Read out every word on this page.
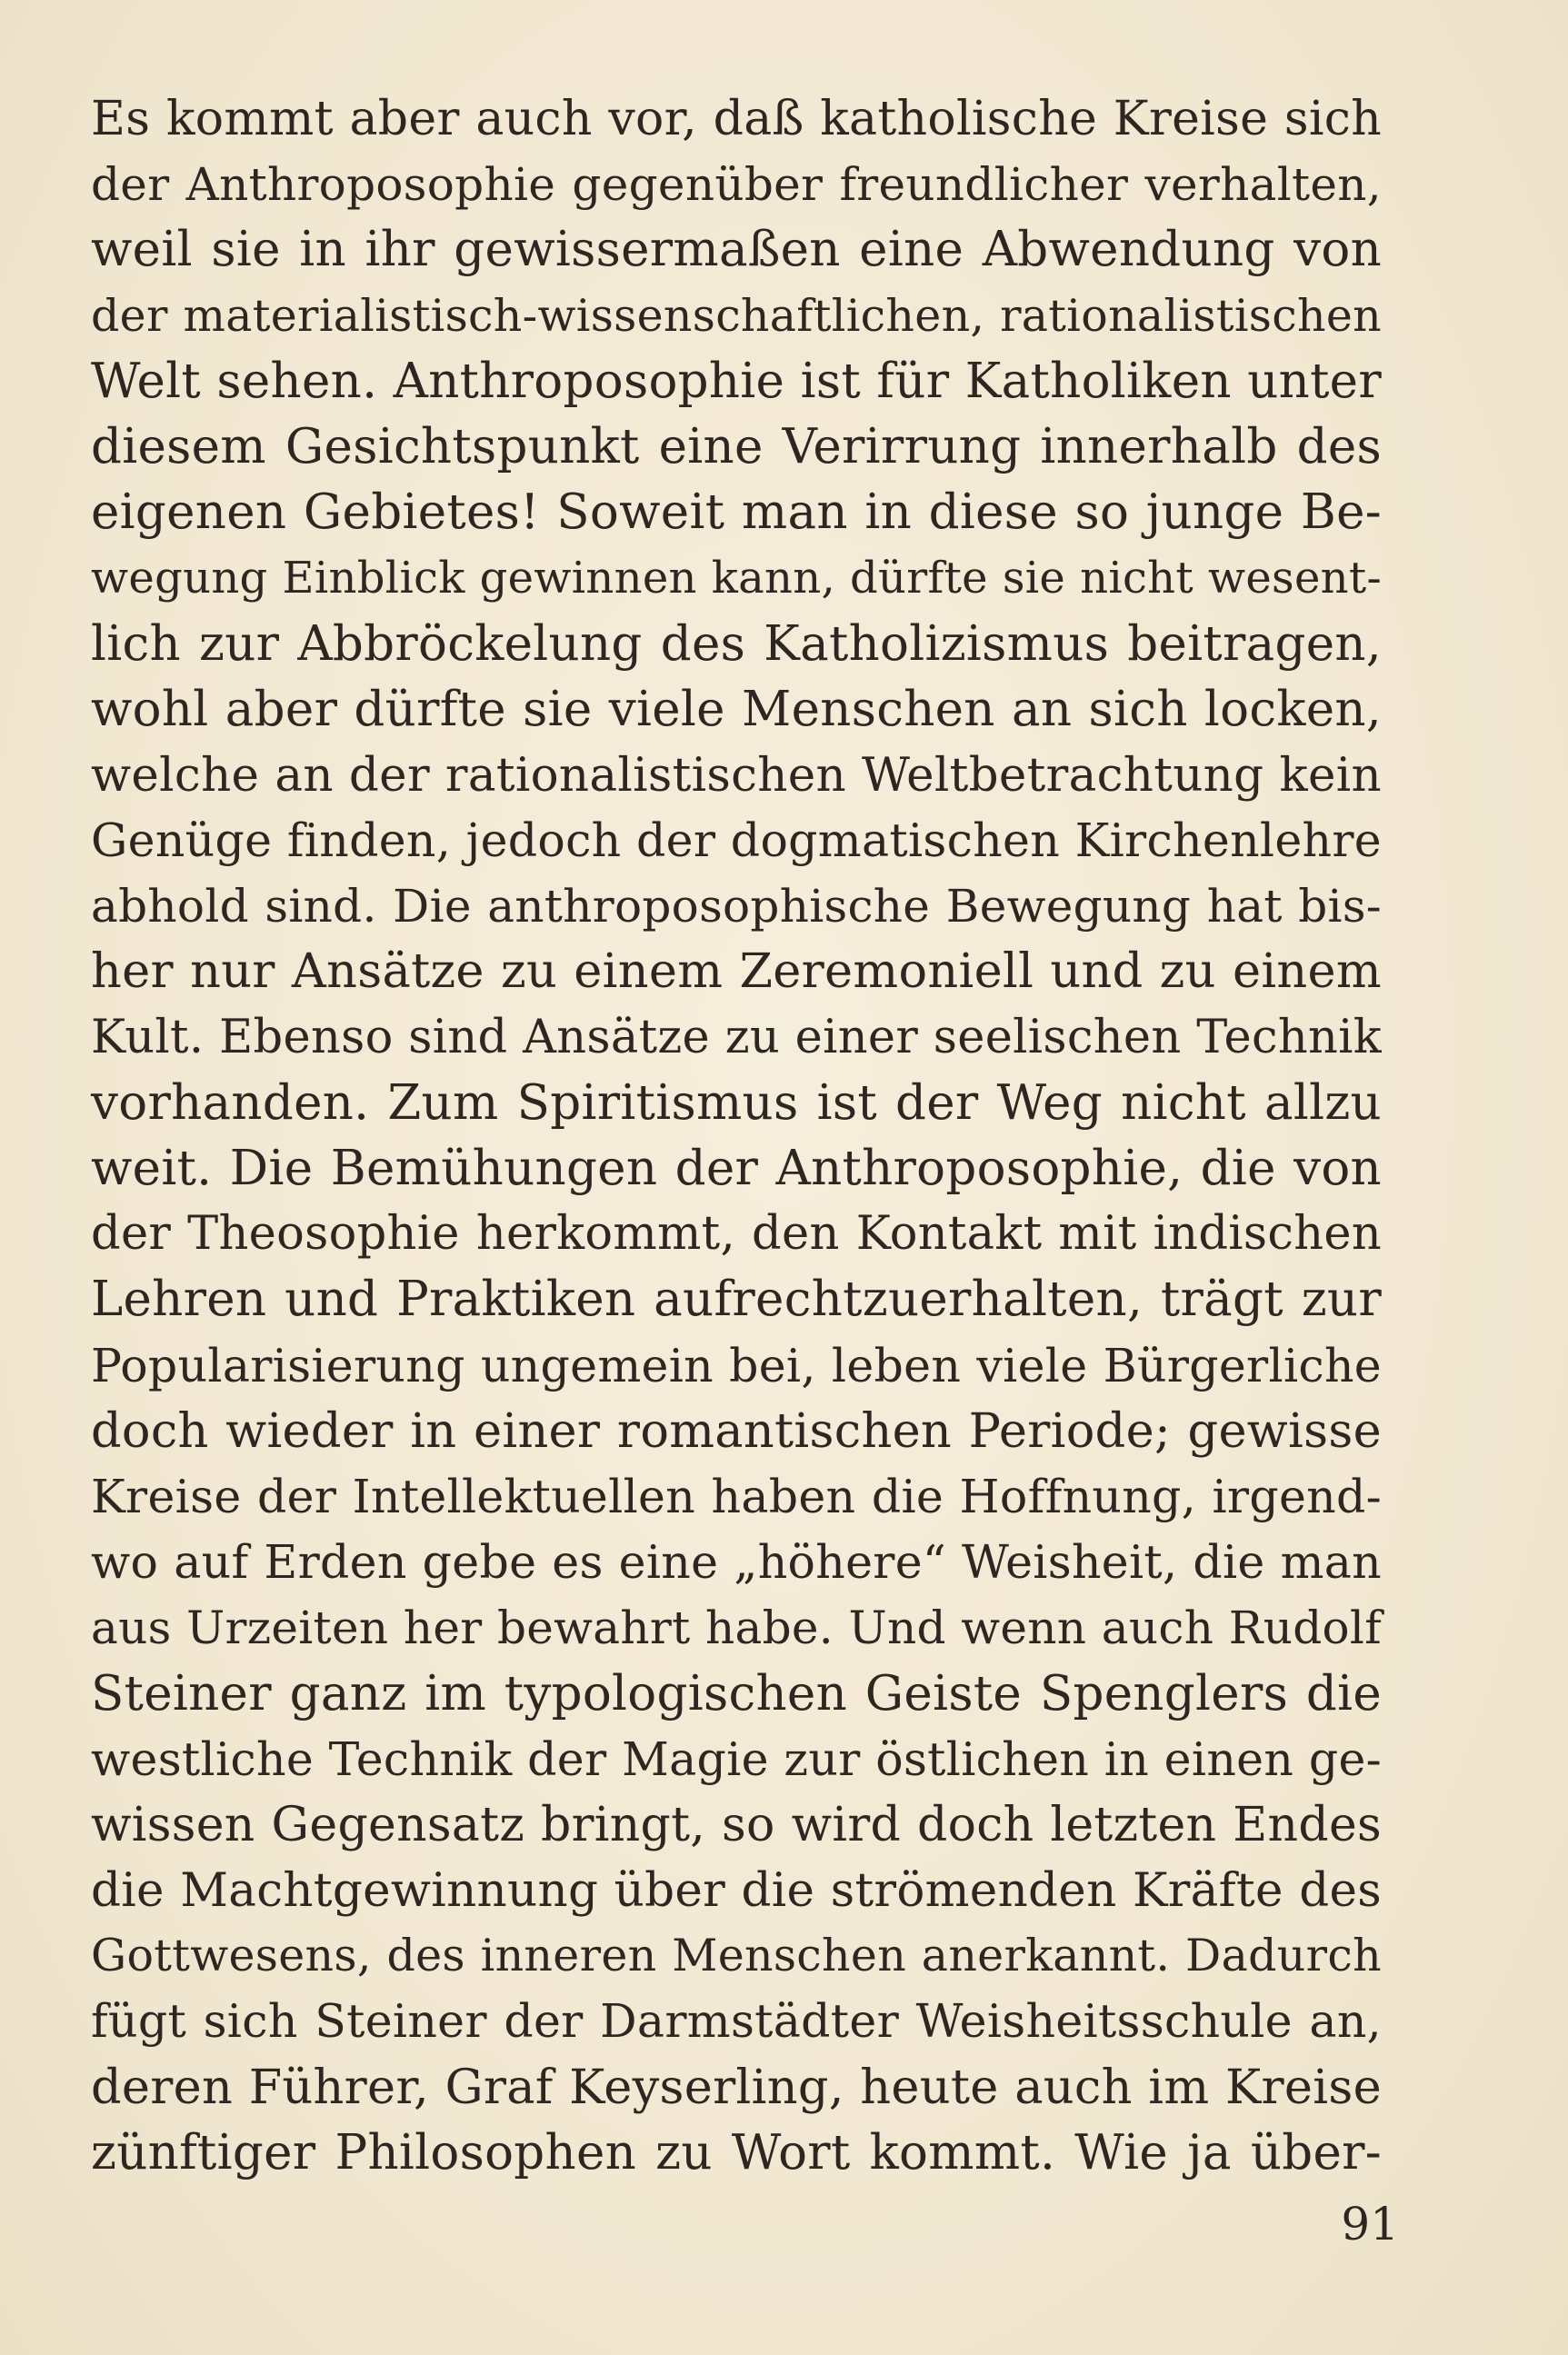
Es kommt aber auch vor, daß katholische Kreise sich
der Anthroposophie gegenüber freundlicher verhalten,
weil sie in ihr gewissermaßen eine Abwendung von
der materialistisch-wissenschaftlichen, rationalistischen
Welt sehen. Anthroposophie ist für Katholiken unter
diesem Gesichtspunkt eine Verirrung innerhalb des
eigenen Gebietes! Soweit man in diese so junge Be-
wegung Einblick gewinnen kann, dürfte sie nicht wesent-
lich zur Abbröckelung des Katholizismus beitragen,
wohl aber dürfte sie viele Menschen an sich locken,
welche an der rationalistischen Weltbetrachtung kein
Genüge finden, jedoch der dogmatischen Kirchenlehre
abhold sind. Die anthroposophische Bewegung hat bis-
her nur Ansätze zu einem Zeremoniell und zu einem
Kult. Ebenso sind Ansätze zu einer seelischen Technik
vorhanden. Zum Spiritismus ist der Weg nicht allzu
weit. Die Bemühungen der Anthroposophie, die von
der Theosophie herkommt, den Kontakt mit indischen
Lehren und Praktiken aufrechtzuerhalten, trägt zur
Popularisierung ungemein bei, leben viele Bürgerliche
doch wieder in einer romantischen Periode; gewisse
Kreise der Intellektuellen haben die Hoffnung, irgend-
wo auf Erden gebe es eine „höhere“ Weisheit, die man
aus Urzeiten her bewahrt habe. Und wenn auch Rudolf
Steiner ganz im typologischen Geiste Spenglers die
westliche Technik der Magie zur östlichen in einen ge-
wissen Gegensatz bringt, so wird doch letzten Endes
die Machtgewinnung über die strömenden Kräfte des
Gottwesens, des inneren Menschen anerkannt. Dadurch
fügt sich Steiner der Darmstädter Weisheitsschule an,
deren Führer, Graf Keyserling, heute auch im Kreise
zünftiger Philosophen zu Wort kommt. Wie ja über-
91
